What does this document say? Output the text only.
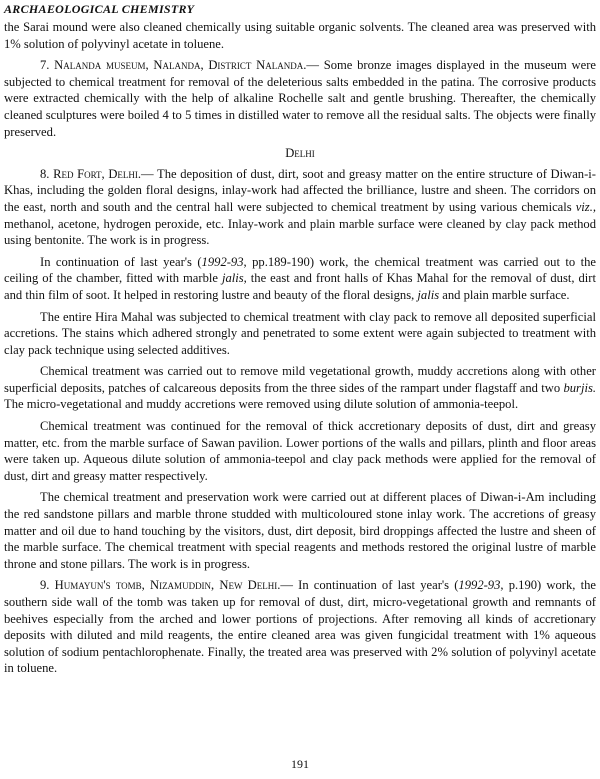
ARCHAEOLOGICAL CHEMISTRY

the Sarai mound were also cleaned chemically using suitable organic solvents. The cleaned area was preserved with 1% solution of polyvinyl acetate in toluene.

7. Nalanda museum, Nalanda, District Nalanda.— Some bronze images displayed in the museum were subjected to chemical treatment for removal of the deleterious salts embedded in the patina. The corrosive products were extracted chemically with the help of alkaline Rochelle salt and gentle brushing. Thereafter, the chemically cleaned sculptures were boiled 4 to 5 times in distilled water to remove all the residual salts. The objects were finally preserved.

Delhi

8. Red Fort, Delhi.— The deposition of dust, dirt, soot and greasy matter on the entire structure of Diwan-i-Khas, including the golden floral designs, inlay-work had affected the brilliance, lustre and sheen. The corridors on the east, north and south and the central hall were subjected to chemical treatment by using various chemicals viz., methanol, acetone, hydrogen peroxide, etc. Inlay-work and plain marble surface were cleaned by clay pack method using bentonite. The work is in progress.

In continuation of last year's (1992-93, pp.189-190) work, the chemical treatment was carried out to the ceiling of the chamber, fitted with marble jalis, the east and front halls of Khas Mahal for the removal of dust, dirt and thin film of soot. It helped in restoring lustre and beauty of the floral designs, jalis and plain marble surface.

The entire Hira Mahal was subjected to chemical treatment with clay pack to remove all deposited superficial accretions. The stains which adhered strongly and penetrated to some extent were again subjected to treatment with clay pack technique using selected additives.

Chemical treatment was carried out to remove mild vegetational growth, muddy accretions along with other superficial deposits, patches of calcareous deposits from the three sides of the rampart under flagstaff and two burjis. The micro-vegetational and muddy accretions were removed using dilute solution of ammonia-teepol.

Chemical treatment was continued for the removal of thick accretionary deposits of dust, dirt and greasy matter, etc. from the marble surface of Sawan pavilion. Lower portions of the walls and pillars, plinth and floor areas were taken up. Aqueous dilute solution of ammonia-teepol and clay pack methods were applied for the removal of dust, dirt and greasy matter respectively.

The chemical treatment and preservation work were carried out at different places of Diwan-i-Am including the red sandstone pillars and marble throne studded with multicoloured stone inlay work. The accretions of greasy matter and oil due to hand touching by the visitors, dust, dirt deposit, bird droppings affected the lustre and sheen of the marble surface. The chemical treatment with special reagents and methods restored the original lustre of marble throne and stone pillars. The work is in progress.

9. Humayun's tomb, Nizamuddin, New Delhi.— In continuation of last year's (1992-93, p.190) work, the southern side wall of the tomb was taken up for removal of dust, dirt, micro-vegetational growth and remnants of beehives especially from the arched and lower portions of projections. After removing all kinds of accretionary deposits with diluted and mild reagents, the entire cleaned area was given fungicidal treatment with 1% aqueous solution of sodium pentachlorophenate. Finally, the treated area was preserved with 2% solution of polyvinyl acetate in toluene.

191
